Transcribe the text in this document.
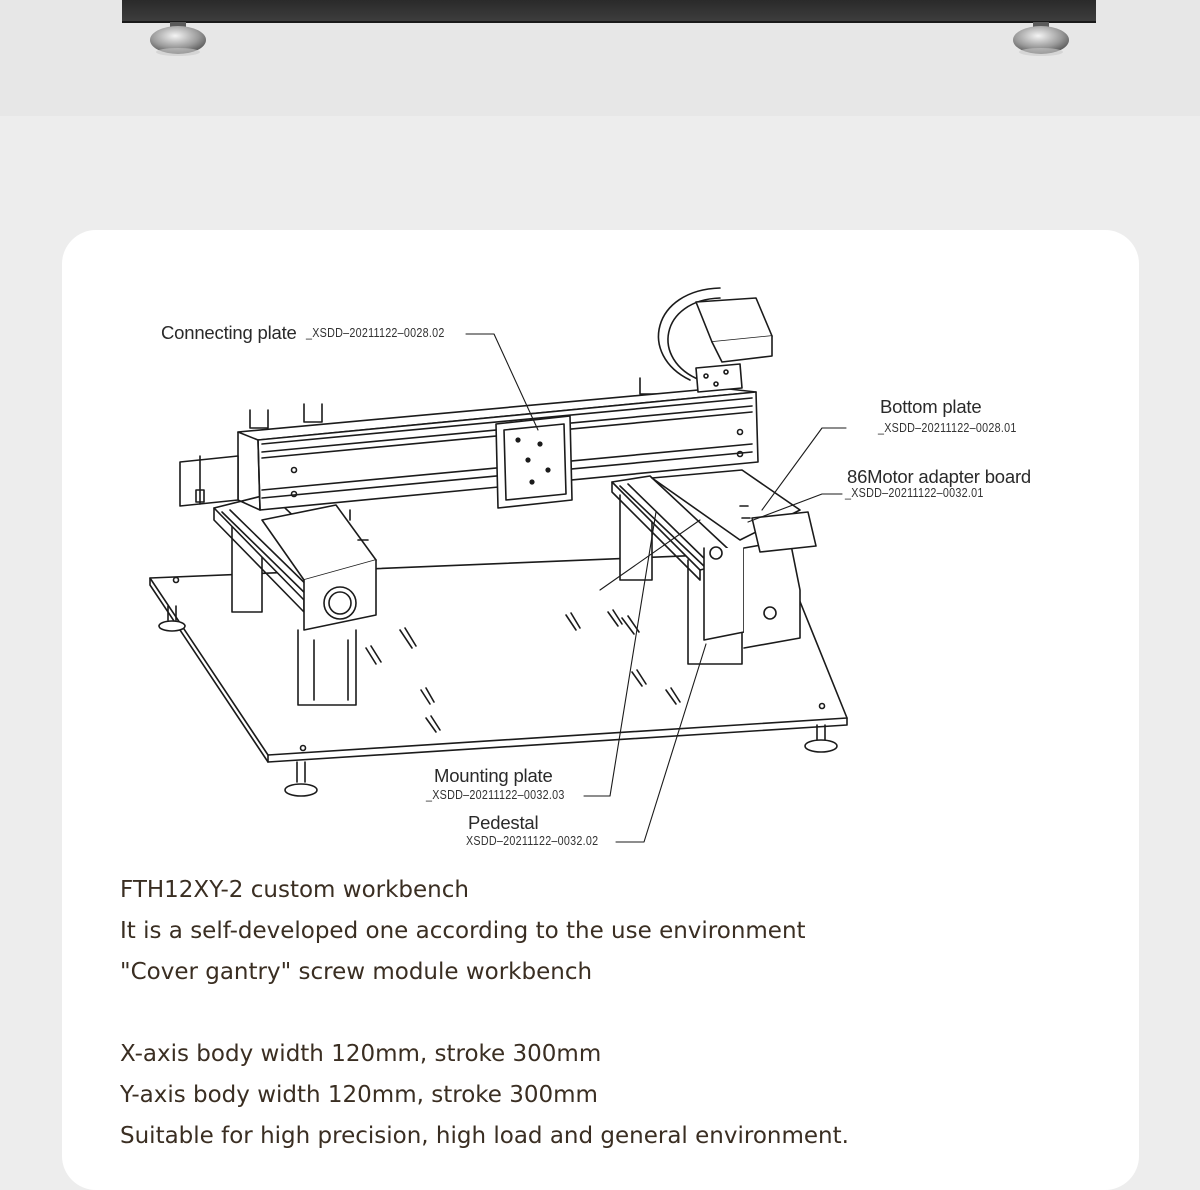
Connecting plate _XSDD–20211122–0028.02
Bottom plate
_XSDD–20211122–0028.01
86Motor adapter board
_XSDD–20211122–0032.01
Mounting plate
_XSDD–20211122–0032.03
Pedestal
XSDD–20211122–0032.02

FTH12XY-2 custom workbench

It is a self-developed one according to the use environment

"Cover gantry" screw module workbench

X-axis body width 120mm, stroke 300mm

Y-axis body width 120mm, stroke 300mm

Suitable for high precision, high load and general environment.
